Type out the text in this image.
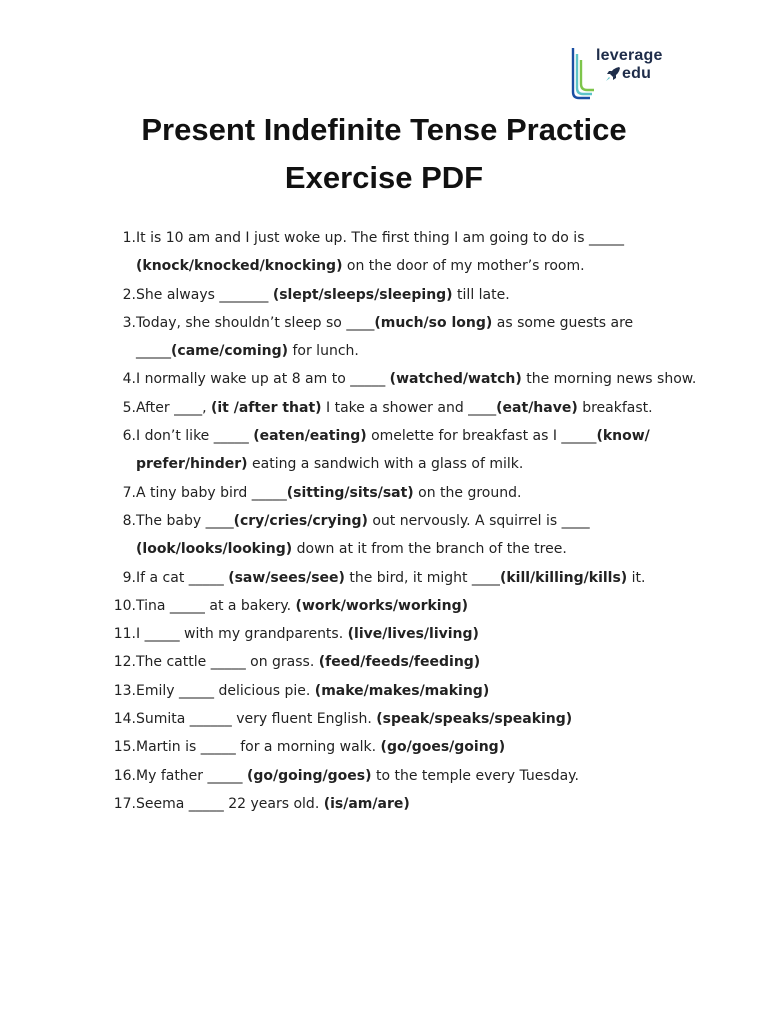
leverage
edu
Present Indefinite Tense Practice
Exercise PDF
1. It is 10 am and I just woke up. The first thing I am going to do is _____ (knock/knocked/knocking) on the door of my mother’s room.
2. She always _______ (slept/sleeps/sleeping) till late.
3. Today, she shouldn’t sleep so ____(much/so long) as some guests are _____(came/coming) for lunch.
4. I normally wake up at 8 am to _____ (watched/watch) the morning news show.
5. After ____, (it /after that) I take a shower and ____(eat/have) breakfast.
6. I don’t like _____ (eaten/eating) omelette for breakfast as I _____(know/ prefer/hinder) eating a sandwich with a glass of milk.
7. A tiny baby bird _____(sitting/sits/sat) on the ground.
8. The baby ____(cry/cries/crying) out nervously. A squirrel is ____ (look/looks/looking) down at it from the branch of the tree.
9. If a cat _____ (saw/sees/see) the bird, it might ____(kill/killing/kills) it.
10. Tina _____ at a bakery. (work/works/working)
11. I _____ with my grandparents. (live/lives/living)
12. The cattle _____ on grass. (feed/feeds/feeding)
13. Emily _____ delicious pie. (make/makes/making)
14. Sumita ______ very fluent English. (speak/speaks/speaking)
15. Martin is _____ for a morning walk. (go/goes/going)
16. My father _____ (go/going/goes) to the temple every Tuesday.
17. Seema _____ 22 years old. (is/am/are)
